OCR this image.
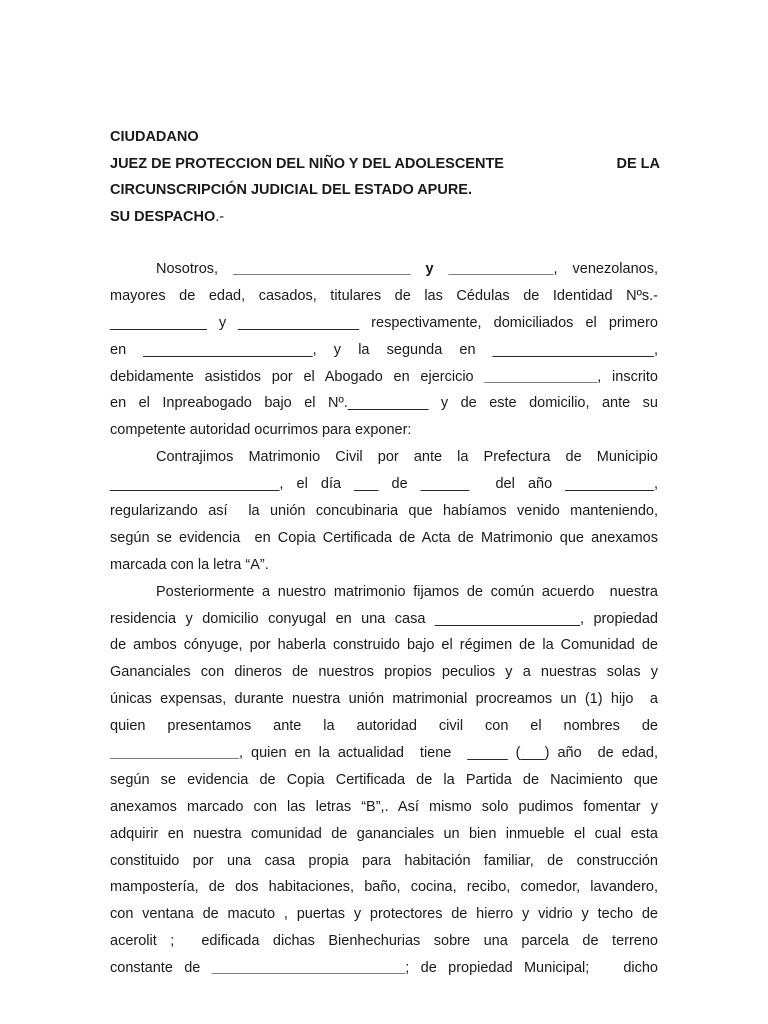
CIUDADANO
JUEZ DE PROTECCION DEL NIÑO Y DEL ADOLESCENTE	DE LA
CIRCUNSCRIPCIÓN JUDICIAL DEL ESTADO APURE.
SU DESPACHO.-
Nosotros, ______________________ y _____________, venezolanos,
mayores de edad, casados, titulares de las Cédulas de Identidad Nºs.-
____________ y _______________ respectivamente, domiciliados el primero
en _____________________, y la segunda en ____________________,
debidamente asistidos por el Abogado en ejercicio ______________, inscrito
en el Inpreabogado bajo el Nº.__________ y de este domicilio, ante su
competente autoridad ocurrimos para exponer:
Contrajimos Matrimonio Civil por ante la Prefectura de Municipio
_____________________, el día ___ de ______  del año ___________,
regularizando así  la unión concubinaria que habíamos venido manteniendo,
según se evidencia  en Copia Certificada de Acta de Matrimonio que anexamos
marcada con la letra “A”.
Posteriormente a nuestro matrimonio fijamos de común acuerdo  nuestra
residencia y domicilio conyugal en una casa __________________, propiedad
de ambos cónyuge, por haberla construido bajo el régimen de la Comunidad de
Gananciales con dineros de nuestros propios peculios y a nuestras solas y
únicas expensas, durante nuestra unión matrimonial procreamos un (1) hijo  a
quien presentamos ante la autoridad civil con el nombres de
________________, quien en la actualidad  tiene  _____ (___) año  de edad,
según se evidencia de Copia Certificada de la Partida de Nacimiento que
anexamos marcado con las letras “B”,. Así mismo solo pudimos fomentar y
adquirir en nuestra comunidad de gananciales un bien inmueble el cual esta
constituido por una casa propia para habitación familiar, de construcción
mampostería, de dos habitaciones, baño, cocina, recibo, comedor, lavandero,
con ventana de macuto , puertas y protectores de hierro y vidrio y techo de
acerolit ;  edificada dichas Bienhechurias sobre una parcela de terreno
constante de ________________________; de propiedad Municipal;   dicho
